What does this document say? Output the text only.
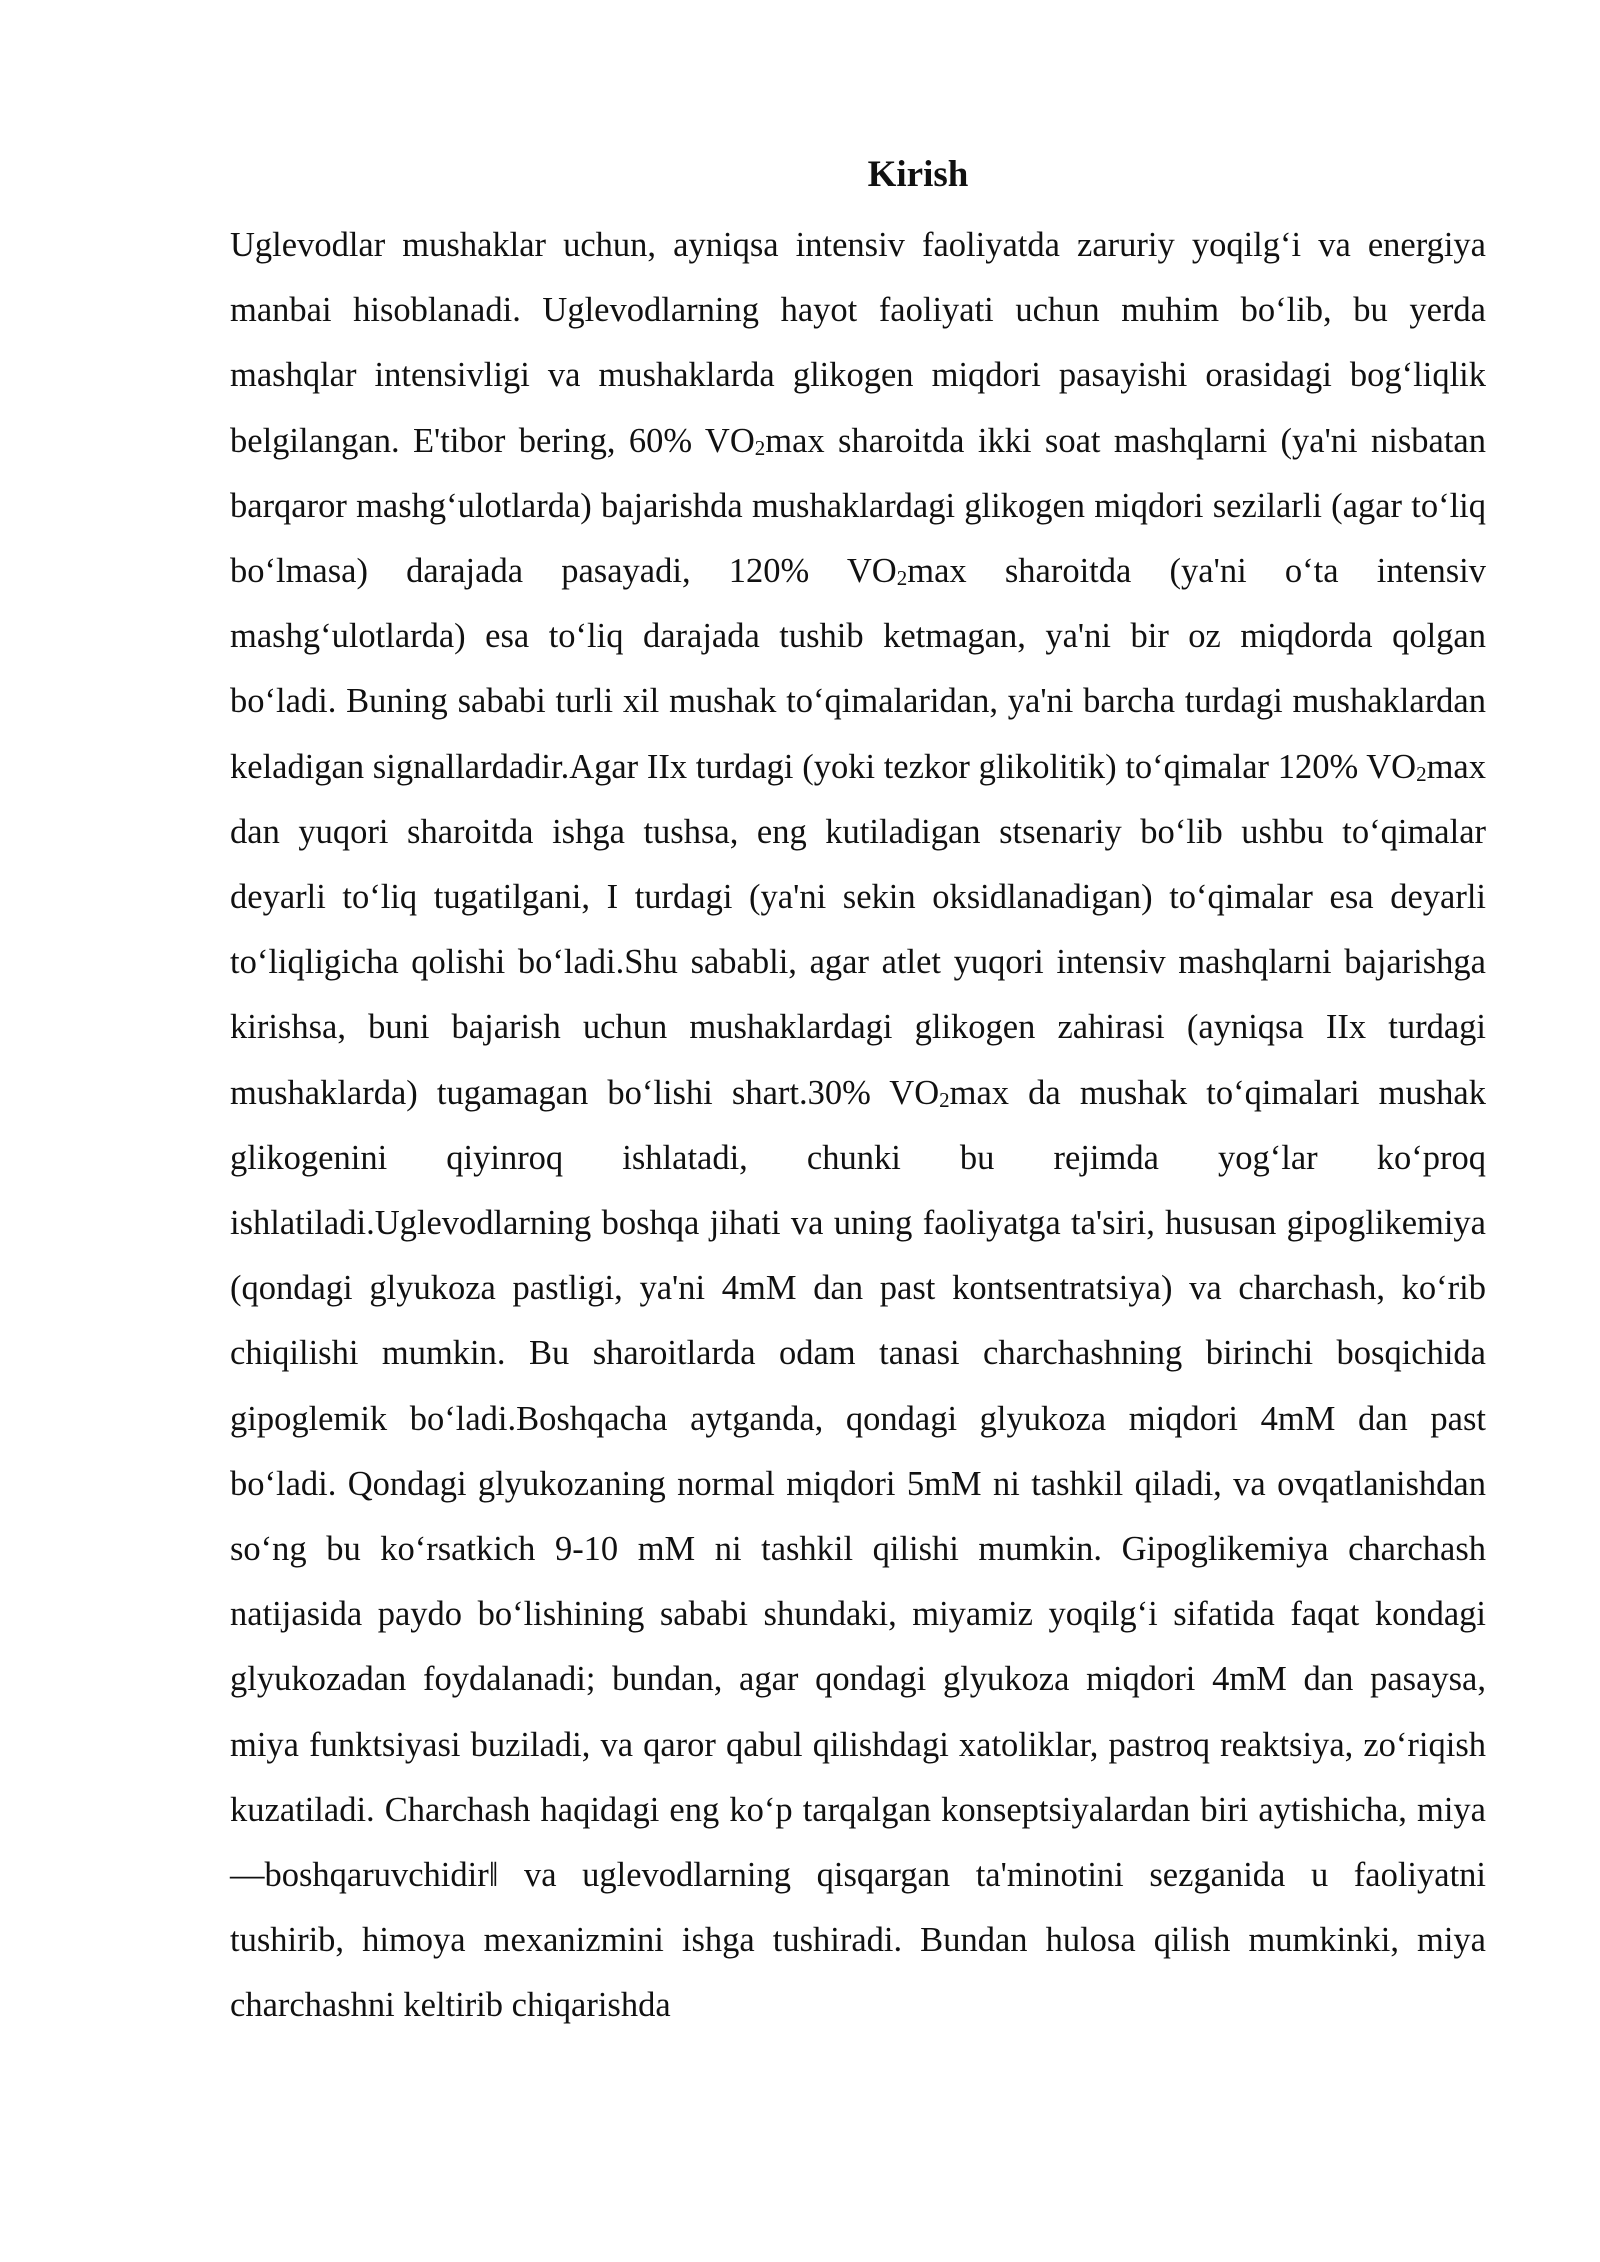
Kirish

Uglevodlar mushaklar uchun, ayniqsa intensiv faoliyatda zaruriy yoqilg‘i va energiya manbai hisoblanadi. Uglevodlarning hayot faoliyati uchun muhim bo‘lib, bu yerda mashqlar intensivligi va mushaklarda glikogen miqdori pasayishi orasidagi bog‘liqlik belgilangan. E'tibor bering, 60% $VO_2\max$ sharoitda ikki soat mashqlarni (ya'ni nisbatan barqaror mashg‘ulotlarda) bajarishda mushaklardagi glikogen miqdori sezilarli (agar to‘liq bo‘lmasa) darajada pasayadi, 120% $VO_2\max$ sharoitda (ya'ni o‘ta intensiv mashg‘ulotlarda) esa to‘liq darajada tushib ketmagan, ya'ni bir oz miqdorda qolgan bo‘ladi. Buning sababi turli xil mushak to‘qimalaridan, ya'ni barcha turdagi mushaklardan keladigan signallardadir.Agar IIx turdagi (yoki tezkor glikolitik) to‘qimalar 120% $VO_2\max$ dan yuqori sharoitda ishga tushsa, eng kutiladigan stsenariy bo‘lib ushbu to‘qimalar deyarli to‘liq tugatilgani, I turdagi (ya'ni sekin oksidlanadigan) to‘qimalar esa deyarli to‘liqligicha qolishi bo‘ladi.Shu sababli, agar atlet yuqori intensiv mashqlarni bajarishga kirishsa, buni bajarish uchun mushaklardagi glikogen zahirasi (ayniqsa IIx turdagi mushaklarda) tugamagan bo‘lishi shart.30% $VO_2\max$ da mushak to‘qimalari mushak glikogenini qiyinroq ishlatadi, chunki bu rejimda yog‘lar ko‘proq ishlatiladi.Uglevodlarning boshqa jihati va uning faoliyatga ta'siri, hususan gipoglikemiya (qondagi glyukoza pastligi, ya'ni 4mM dan past kontsentratsiya) va charchash, ko‘rib chiqilishi mumkin. Bu sharoitlarda odam tanasi charchashning birinchi bosqichida gipoglemik bo‘ladi.Boshqacha aytganda, qondagi glyukoza miqdori 4mM dan past bo‘ladi. Qondagi glyukozaning normal miqdori 5mM ni tashkil qiladi, va ovqatlanishdan so‘ng bu ko‘rsatkich 9-10 mM ni tashkil qilishi mumkin. Gipoglikemiya charchash natijasida paydo bo‘lishining sababi shundaki, miyamiz yoqilg‘i sifatida faqat kondagi glyukozadan foydalanadi; bundan, agar qondagi glyukoza miqdori 4mM dan pasaysa, miya funktsiyasi buziladi, va qaror qabul qilishdagi xatoliklar, pastroq reaktsiya, zo‘riqish kuzatiladi. Charchash haqidagi eng ko‘p tarqalgan konseptsiyalardan biri aytishicha, miya ―boshqaruvchidir‖ va uglevodlarning qisqargan ta'minotini sezganida u faoliyatni tushirib, himoya mexanizmini ishga tushiradi. Bundan hulosa qilish mumkinki, miya charchashni keltirib chiqarishda
